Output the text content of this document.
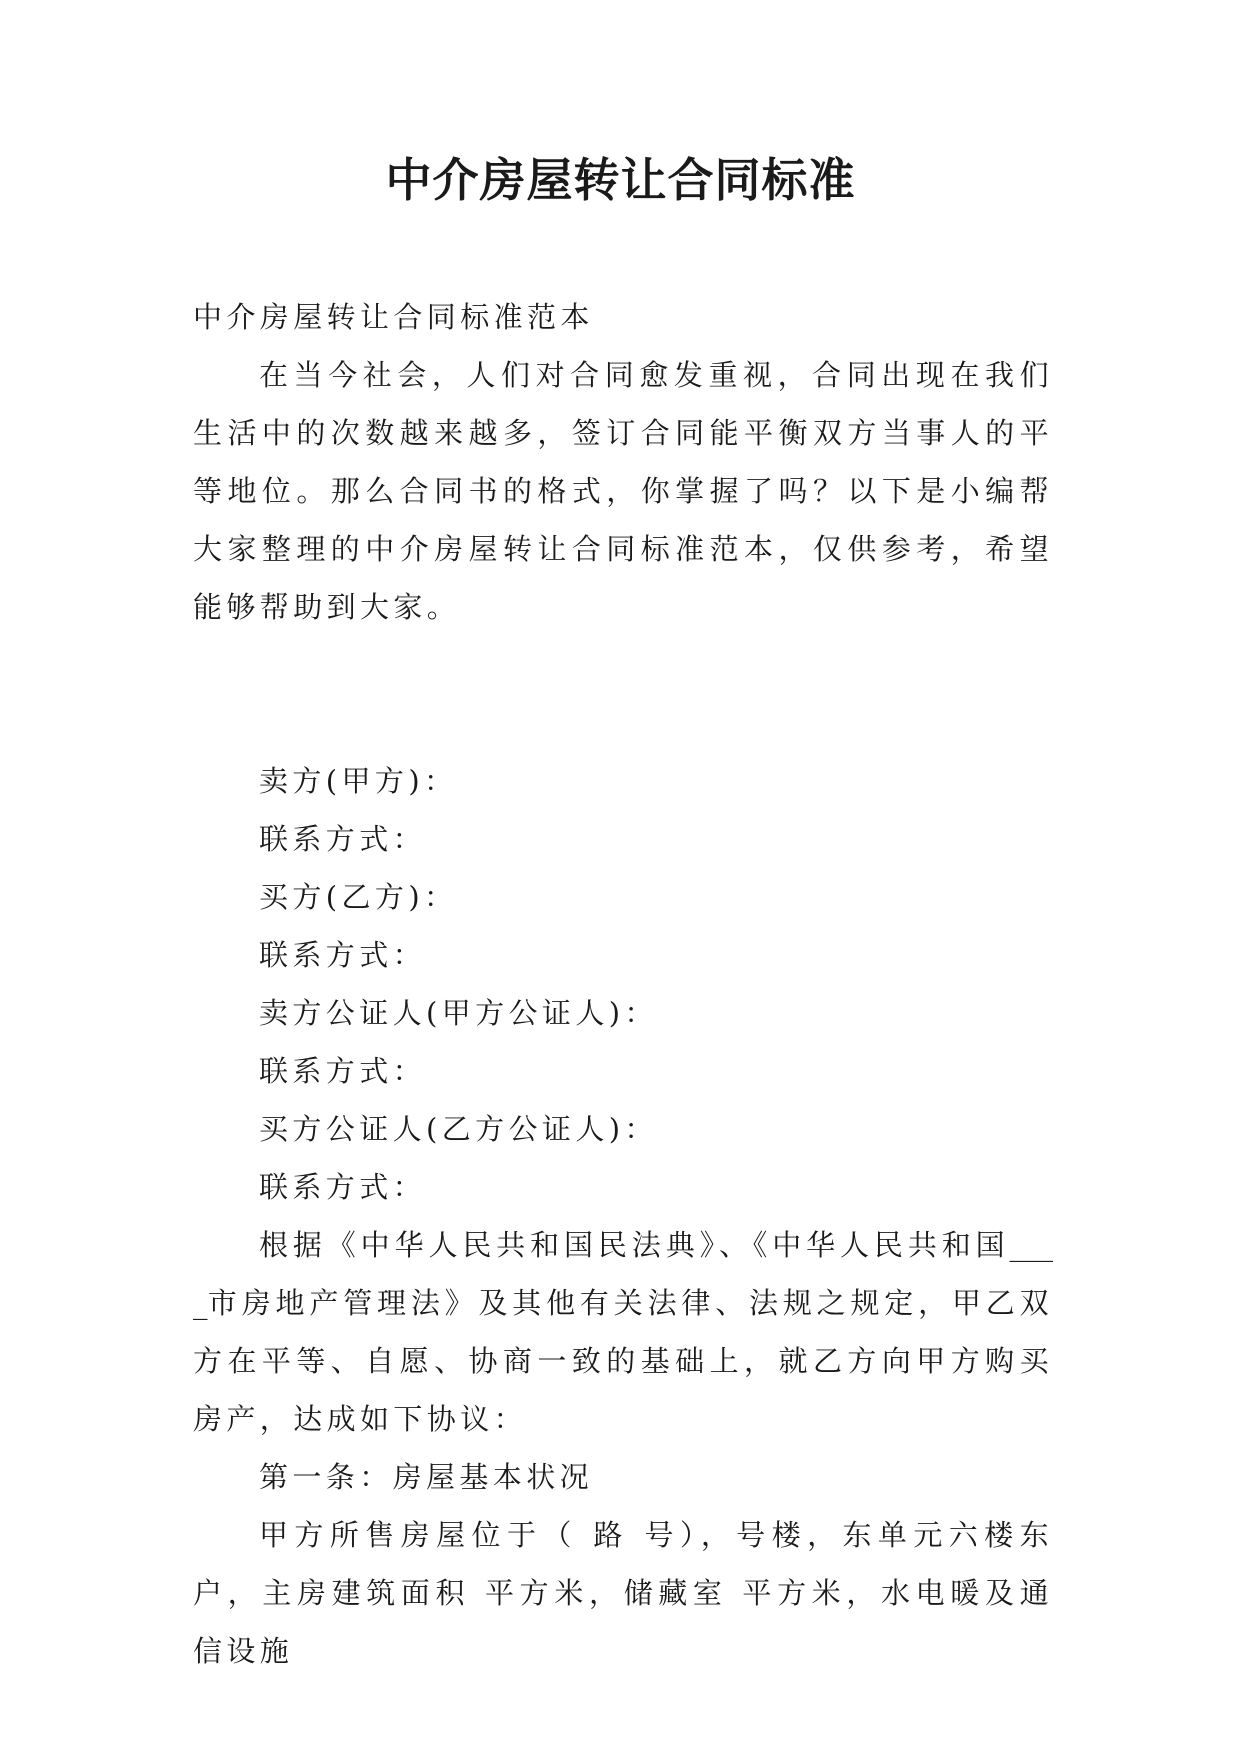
中介房屋转让合同标准

中介房屋转让合同标准范本

在当今社会，人们对合同愈发重视，合同出现在我们生活中的次数越来越多，签订合同能平衡双方当事人的平等地位。那么合同书的格式，你掌握了吗？以下是小编帮大家整理的中介房屋转让合同标准范本，仅供参考，希望能够帮助到大家。

卖方(甲方)：

联系方式：

买方(乙方)：

联系方式：

卖方公证人(甲方公证人)：

联系方式：

买方公证人(乙方公证人)：

联系方式：

根据《中华人民共和国民法典》、《中华人民共和国____市房地产管理法》及其他有关法律、法规之规定，甲乙双方在平等、自愿、协商一致的基础上，就乙方向甲方购买房产，达成如下协议：

第一条：房屋基本状况

甲方所售房屋位于（ 路 号），号楼，东单元六楼东户，主房建筑面积 平方米，储藏室 平方米，水电暖及通信设施
